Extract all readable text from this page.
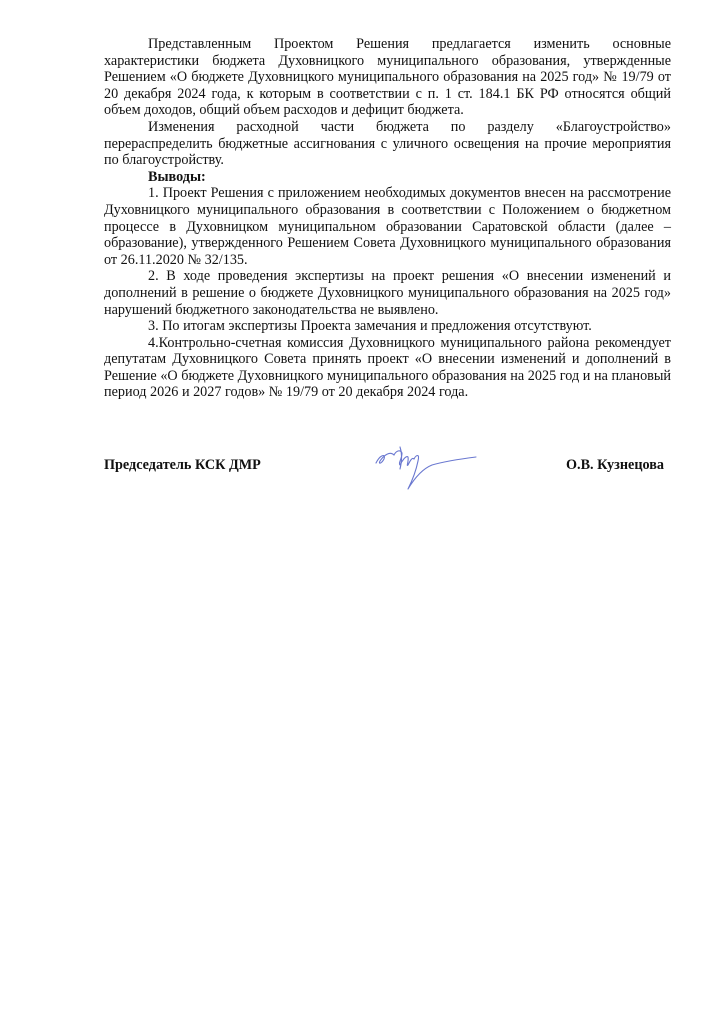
Представленным Проектом Решения предлагается изменить основные характеристики бюджета Духовницкого муниципального образования, утвержденные Решением «О бюджете Духовницкого муниципального образования на 2025 год» № 19/79 от 20 декабря 2024 года, к которым в соответствии с п. 1 ст. 184.1 БК РФ относятся общий объем доходов, общий объем расходов и дефицит бюджета.

Изменения расходной части бюджета по разделу «Благоустройство» перераспределить бюджетные ассигнования с уличного освещения на прочие мероприятия по благоустройству.

Выводы:

1. Проект Решения с приложением необходимых документов внесен на рассмотрение Духовницкого муниципального образования в соответствии с Положением о бюджетном процессе в Духовницком муниципальном образовании Саратовской области (далее – образование), утвержденного Решением Совета Духовницкого муниципального образования от 26.11.2020 № 32/135.

2. В ходе проведения экспертизы на проект решения «О внесении изменений и дополнений в решение о бюджете Духовницкого муниципального образования на 2025 год» нарушений бюджетного законодательства не выявлено.

3. По итогам экспертизы Проекта замечания и предложения отсутствуют.

4.Контрольно-счетная комиссия Духовницкого муниципального района рекомендует депутатам Духовницкого Совета принять проект «О внесении изменений и дополнений в Решение «О бюджете Духовницкого муниципального образования на 2025 год и на плановый период 2026 и 2027 годов» № 19/79 от 20 декабря 2024 года.

Председатель КСК ДМР	О.В. Кузнецова
